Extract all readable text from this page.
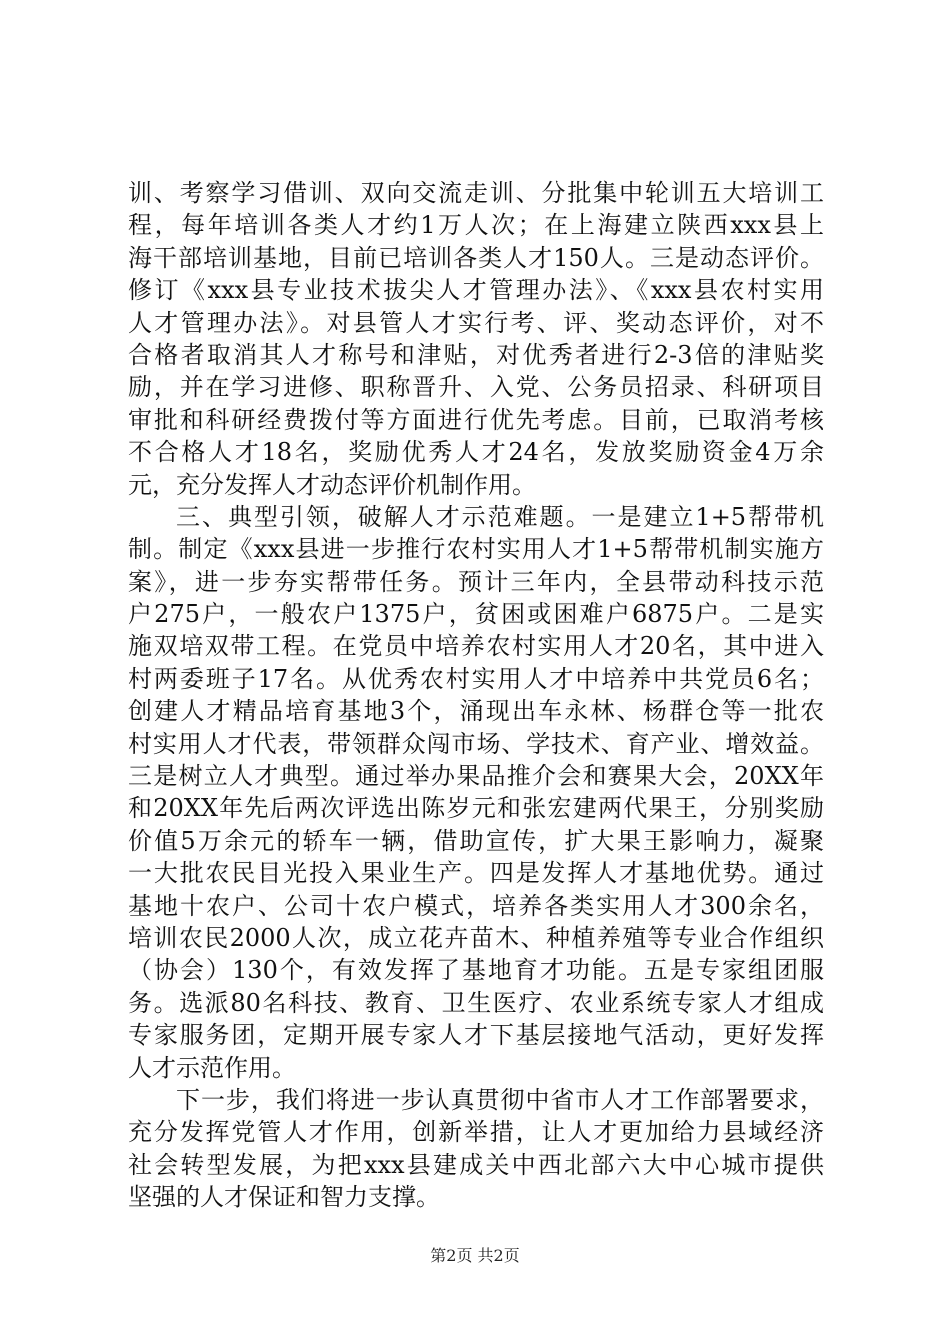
训、考察学习借训、双向交流走训、分批集中轮训五大培训工
程，每年培训各类人才约1万人次；在上海建立陕西xxx县上
海干部培训基地，目前已培训各类人才150人。三是动态评价。
修订《xxx县专业技术拔尖人才管理办法》、《xxx县农村实用
人才管理办法》。对县管人才实行考、评、奖动态评价，对不
合格者取消其人才称号和津贴，对优秀者进行2-3倍的津贴奖
励，并在学习进修、职称晋升、入党、公务员招录、科研项目
审批和科研经费拨付等方面进行优先考虑。目前，已取消考核
不合格人才18名，奖励优秀人才24名，发放奖励资金4万余
元，充分发挥人才动态评价机制作用。
三、典型引领，破解人才示范难题。一是建立1+5帮带机
制。制定《xxx县进一步推行农村实用人才1+5帮带机制实施方
案》，进一步夯实帮带任务。预计三年内，全县带动科技示范
户275户，一般农户1375户，贫困或困难户6875户。二是实
施双培双带工程。在党员中培养农村实用人才20名，其中进入
村两委班子17名。从优秀农村实用人才中培养中共党员6名；
创建人才精品培育基地3个，涌现出车永林、杨群仓等一批农
村实用人才代表，带领群众闯市场、学技术、育产业、增效益。
三是树立人才典型。通过举办果品推介会和赛果大会，20XX年
和20XX年先后两次评选出陈岁元和张宏建两代果王，分别奖励
价值5万余元的轿车一辆，借助宣传，扩大果王影响力，凝聚
一大批农民目光投入果业生产。四是发挥人才基地优势。通过
基地十农户、公司十农户模式，培养各类实用人才300余名，
培训农民2000人次，成立花卉苗木、种植养殖等专业合作组织
（协会）130个，有效发挥了基地育才功能。五是专家组团服
务。选派80名科技、教育、卫生医疗、农业系统专家人才组成
专家服务团，定期开展专家人才下基层接地气活动，更好发挥
人才示范作用。
下一步，我们将进一步认真贯彻中省市人才工作部署要求，
充分发挥党管人才作用，创新举措，让人才更加给力县域经济
社会转型发展，为把xxx县建成关中西北部六大中心城市提供
坚强的人才保证和智力支撑。
第2页 共2页
